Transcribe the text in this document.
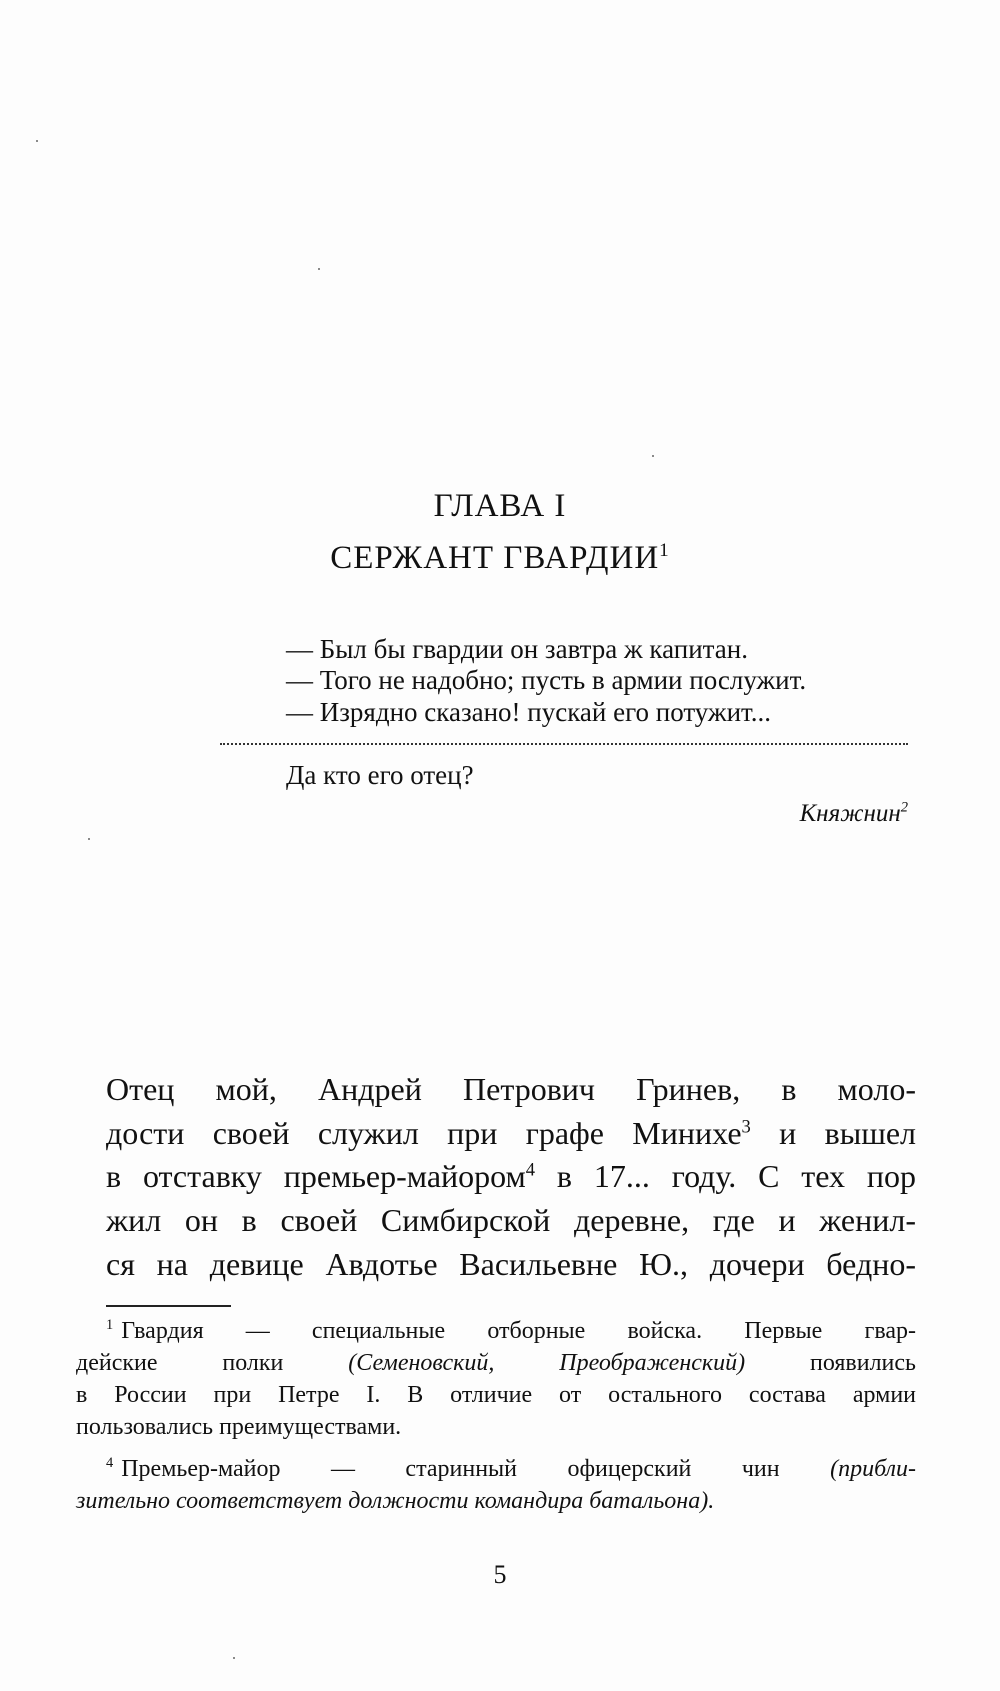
ГЛАВА I
СЕРЖАНТ ГВАРДИИ$^1$
— Был бы гвардии он завтра ж капитан.
— Того не надобно; пусть в армии послужит.
— Изрядно сказано! пускай его потужит...
Да кто его отец?
Княжнин$^2$
Отец мой, Андрей Петрович Гринев, в моло-
дости своей служил при графе Минихе$^3$ и вышел
в отставку премьер-майором$^4$ в 17... году. С тех пор
жил он в своей Симбирской деревне, где и женил-
ся на девице Авдотье Васильевне Ю., дочери бедно-
$^1$ Гвардия — специальные отборные войска. Первые гвар-
дейские полки (Семеновский, Преображенский) появились
в России при Петре I. В отличие от остального состава армии
пользовались преимуществами.
$^4$ Премьер-майор — старинный офицерский чин (прибли-
зительно соответствует должности командира батальона).
5
